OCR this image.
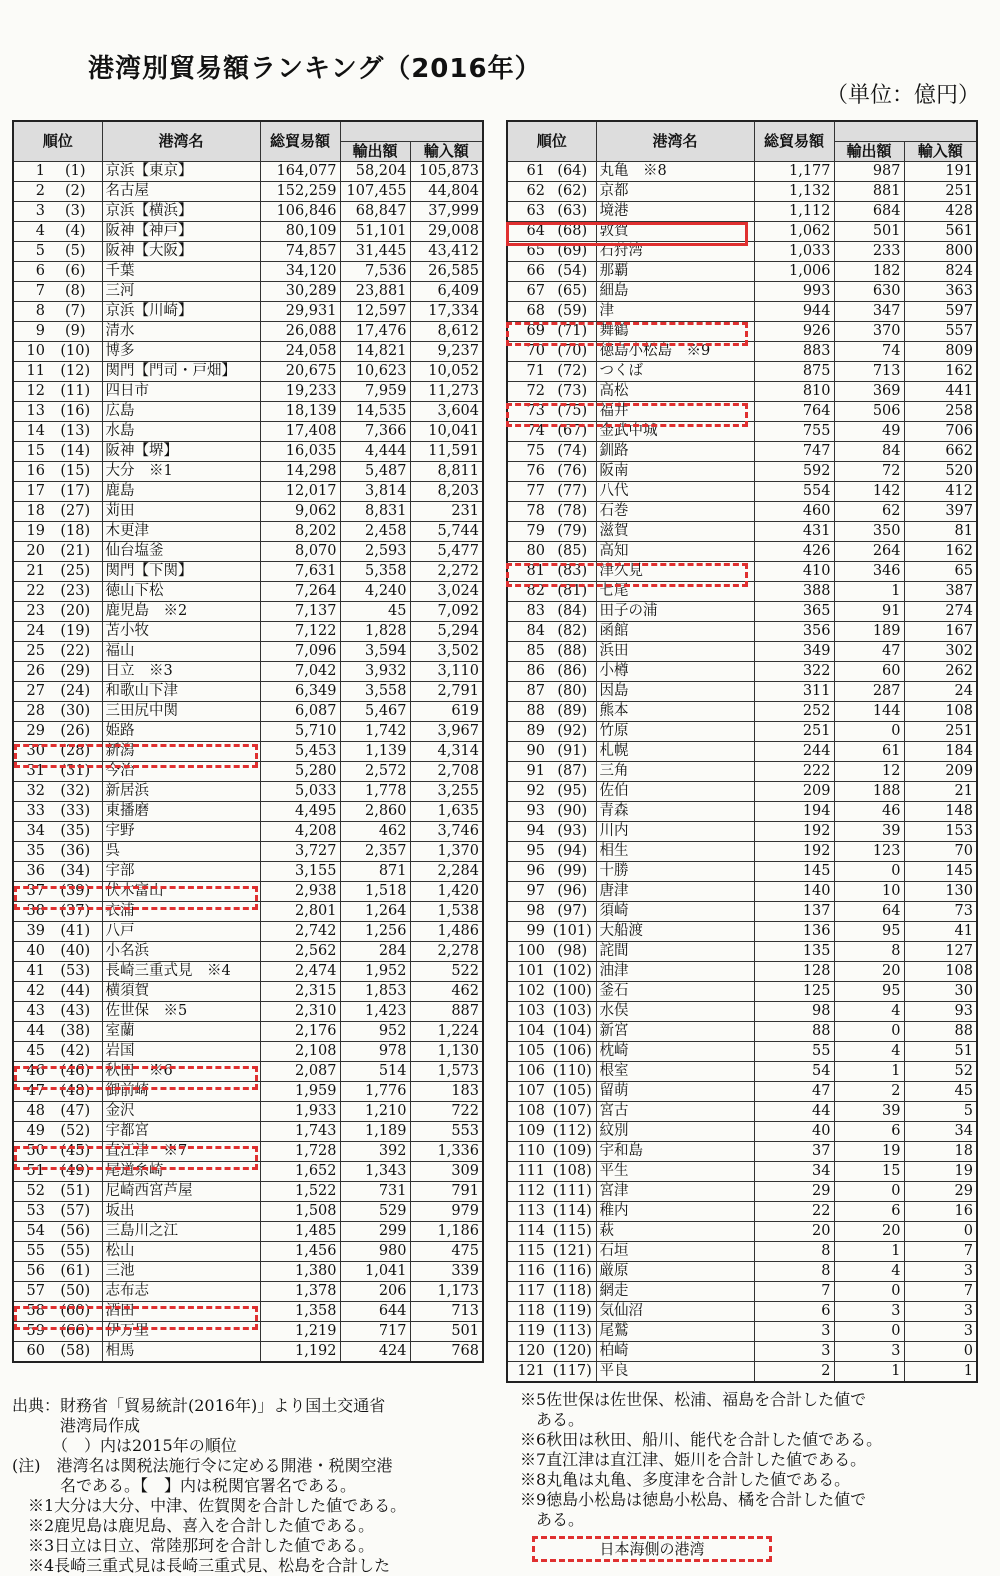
港湾別貿易額ランキング（2016年）
（単位：億円）
順位		港湾名	総貿易額		
				輸出額	輸入額
1	(1)	京浜【東京】	164,077	58,204	105,873
2	(2)	名古屋	152,259	107,455	44,804
3	(3)	京浜【横浜】	106,846	68,847	37,999
4	(4)	阪神【神戸】	80,109	51,101	29,008
5	(5)	阪神【大阪】	74,857	31,445	43,412
6	(6)	千葉	34,120	7,536	26,585
7	(8)	三河	30,289	23,881	6,409
8	(7)	京浜【川崎】	29,931	12,597	17,334
9	(9)	清水	26,088	17,476	8,612
10	(10)	博多	24,058	14,821	9,237
11	(12)	関門【門司・戸畑】	20,675	10,623	10,052
12	(11)	四日市	19,233	7,959	11,273
13	(16)	広島	18,139	14,535	3,604
14	(13)	水島	17,408	7,366	10,041
15	(14)	阪神【堺】	16,035	4,444	11,591
16	(15)	大分　※1	14,298	5,487	8,811
17	(17)	鹿島	12,017	3,814	8,203
18	(27)	苅田	9,062	8,831	231
19	(18)	木更津	8,202	2,458	5,744
20	(21)	仙台塩釜	8,070	2,593	5,477
21	(25)	関門【下関】	7,631	5,358	2,272
22	(23)	徳山下松	7,264	4,240	3,024
23	(20)	鹿児島　※2	7,137	45	7,092
24	(19)	苫小牧	7,122	1,828	5,294
25	(22)	福山	7,096	3,594	3,502
26	(29)	日立　※3	7,042	3,932	3,110
27	(24)	和歌山下津	6,349	3,558	2,791
28	(30)	三田尻中関	6,087	5,467	619
29	(26)	姫路	5,710	1,742	3,967
30	(28)	新潟	5,453	1,139	4,314
31	(31)	今治	5,280	2,572	2,708
32	(32)	新居浜	5,033	1,778	3,255
33	(33)	東播磨	4,495	2,860	1,635
34	(35)	宇野	4,208	462	3,746
35	(36)	呉	3,727	2,357	1,370
36	(34)	宇部	3,155	871	2,284
37	(39)	伏木富山	2,938	1,518	1,420
38	(37)	衣浦	2,801	1,264	1,538
39	(41)	八戸	2,742	1,256	1,486
40	(40)	小名浜	2,562	284	2,278
41	(53)	長崎三重式見　※4	2,474	1,952	522
42	(44)	横須賀	2,315	1,853	462
43	(43)	佐世保　※5	2,310	1,423	887
44	(38)	室蘭	2,176	952	1,224
45	(42)	岩国	2,108	978	1,130
46	(46)	秋田　※6	2,087	514	1,573
47	(48)	御前崎	1,959	1,776	183
48	(47)	金沢	1,933	1,210	722
49	(52)	宇都宮	1,743	1,189	553
50	(45)	直江津　※7	1,728	392	1,336
51	(49)	尾道糸崎	1,652	1,343	309
52	(51)	尼崎西宮芦屋	1,522	731	791
53	(57)	坂出	1,508	529	979
54	(56)	三島川之江	1,485	299	1,186
55	(55)	松山	1,456	980	475
56	(61)	三池	1,380	1,041	339
57	(50)	志布志	1,378	206	1,173
58	(60)	酒田	1,358	644	713
59	(66)	伊万里	1,219	717	501
60	(58)	相馬	1,192	424	768
順位		港湾名	総貿易額		
				輸出額	輸入額
61	(64)	丸亀　※8	1,177	987	191
62	(62)	京都	1,132	881	251
63	(63)	境港	1,112	684	428
64	(68)	敦賀	1,062	501	561
65	(69)	石狩湾	1,033	233	800
66	(54)	那覇	1,006	182	824
67	(65)	細島	993	630	363
68	(59)	津	944	347	597
69	(71)	舞鶴	926	370	557
70	(70)	徳島小松島　※9	883	74	809
71	(72)	つくば	875	713	162
72	(73)	高松	810	369	441
73	(75)	福井	764	506	258
74	(67)	金武中城	755	49	706
75	(74)	釧路	747	84	662
76	(76)	阪南	592	72	520
77	(77)	八代	554	142	412
78	(78)	石巻	460	62	397
79	(79)	滋賀	431	350	81
80	(85)	高知	426	264	162
81	(83)	津久見	410	346	65
82	(81)	七尾	388	1	387
83	(84)	田子の浦	365	91	274
84	(82)	函館	356	189	167
85	(88)	浜田	349	47	302
86	(86)	小樽	322	60	262
87	(80)	因島	311	287	24
88	(89)	熊本	252	144	108
89	(92)	竹原	251	0	251
90	(91)	札幌	244	61	184
91	(87)	三角	222	12	209
92	(95)	佐伯	209	188	21
93	(90)	青森	194	46	148
94	(93)	川内	192	39	153
95	(94)	相生	192	123	70
96	(99)	十勝	145	0	145
97	(96)	唐津	140	10	130
98	(97)	須崎	137	64	73
99	(101)	大船渡	136	95	41
100	(98)	詫間	135	8	127
101	(102)	油津	128	20	108
102	(100)	釜石	125	95	30
103	(103)	水俣	98	4	93
104	(104)	新宮	88	0	88
105	(106)	枕崎	55	4	51
106	(110)	根室	54	1	52
107	(105)	留萌	47	2	45
108	(107)	宮古	44	39	5
109	(112)	紋別	40	6	34
110	(109)	宇和島	37	19	18
111	(108)	平生	34	15	19
112	(111)	宮津	29	0	29
113	(114)	稚内	22	6	16
114	(115)	萩	20	20	0
115	(121)	石垣	8	1	7
116	(116)	厳原	8	4	3
117	(118)	網走	7	0	7
118	(119)	気仙沼	6	3	3
119	(113)	尾鷲	3	0	3
120	(120)	柏崎	3	3	0
121	(117)	平良	2	1	1
出典：財務省「貿易統計(2016年)」より国土交通省
　　　港湾局作成
　　　（　）内は2015年の順位
(注)　港湾名は関税法施行令に定める開港・税関空港
　　　名である。【　】内は税関官署名である。
　※1大分は大分、中津、佐賀関を合計した値である。
　※2鹿児島は鹿児島、喜入を合計した値である。
　※3日立は日立、常陸那珂を合計した値である。
　※4長崎三重式見は長崎三重式見、松島を合計した
※5佐世保は佐世保、松浦、福島を合計した値で
　ある。
※6秋田は秋田、船川、能代を合計した値である。
※7直江津は直江津、姫川を合計した値である。
※8丸亀は丸亀、多度津を合計した値である。
※9徳島小松島は徳島小松島、橘を合計した値で
　ある。
日本海側の港湾
